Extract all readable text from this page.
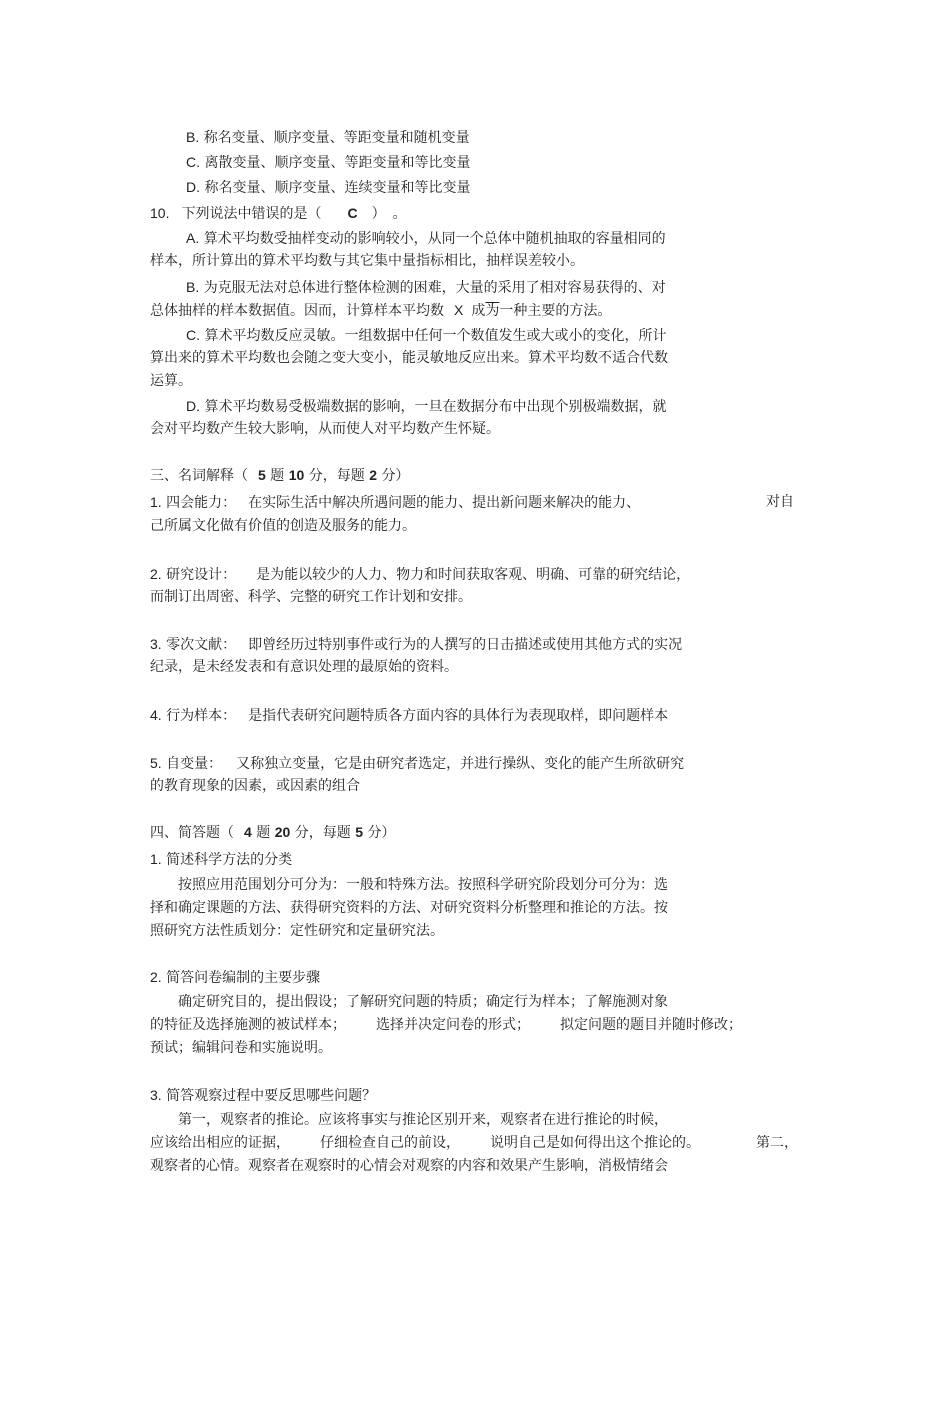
B. 称名变量、顺序变量、等距变量和随机变量
C. 离散变量、顺序变量、等距变量和等比变量
D. 称名变量、顺序变量、连续变量和等比变量
10. 下列说法中错误的是（ C ）　。
A. 算术平均数受抽样变动的影响较小，从同一个总体中随机抽取的容量相同的
样本，所计算出的算术平均数与其它集中量指标相比，抽样误差较小。
B. 为克服无法对总体进行整体检测的困难，大量的采用了相对容易获得的、对
总体抽样的样本数据值。因而，计算样本平均数 X 成为一种主要的方法。
C. 算术平均数反应灵敏。一组数据中任何一个数值发生或大或小的变化，所计
算出来的算术平均数也会随之变大变小，能灵敏地反应出来。算术平均数不适合代数
运算。
D. 算术平均数易受极端数据的影响，一旦在数据分布中出现个别极端数据，就
会对平均数产生较大影响，从而使人对平均数产生怀疑。
三、名词解释（ 5 题 10 分，每题 2 分）
1. 四会能力： 在实际生活中解决所遇问题的能力、提出新问题来解决的能力、	对自
己所属文化做有价值的创造及服务的能力。
2. 研究设计： 是为能以较少的人力、物力和时间获取客观、明确、可靠的研究结论，
而制订出周密、科学、完整的研究工作计划和安排。
3. 零次文献： 即曾经历过特别事件或行为的人撰写的日击描述或使用其他方式的实况
纪录，是未经发表和有意识处理的最原始的资料。
4. 行为样本： 是指代表研究问题特质各方面内容的具体行为表现取样，即问题样本
5. 自变量： 又称独立变量，它是由研究者选定，并进行操纵、变化的能产生所欲研究
的教育现象的因素，或因素的组合
四、简答题（ 4 题 20 分，每题 5 分）
1. 简述科学方法的分类
按照应用范围划分可分为：一般和特殊方法。按照科学研究阶段划分可分为：选
择和确定课题的方法、获得研究资料的方法、对研究资料分析整理和推论的方法。按
照研究方法性质划分：定性研究和定量研究法。
2. 简答问卷编制的主要步骤
确定研究目的，提出假设；了解研究问题的特质；确定行为样本；了解施测对象
的特征及选择施测的被试样本； 选择并决定问卷的形式； 拟定问题的题目并随时修改；
预试；编辑问卷和实施说明。
3. 简答观察过程中要反思哪些问题？
第一，观察者的推论。应该将事实与推论区别开来，观察者在进行推论的时候，
应该给出相应的证据， 仔细检查自己的前设， 说明自己是如何得出这个推论的。	第二，
观察者的心情。观察者在观察时的心情会对观察的内容和效果产生影响，消极情绪会
